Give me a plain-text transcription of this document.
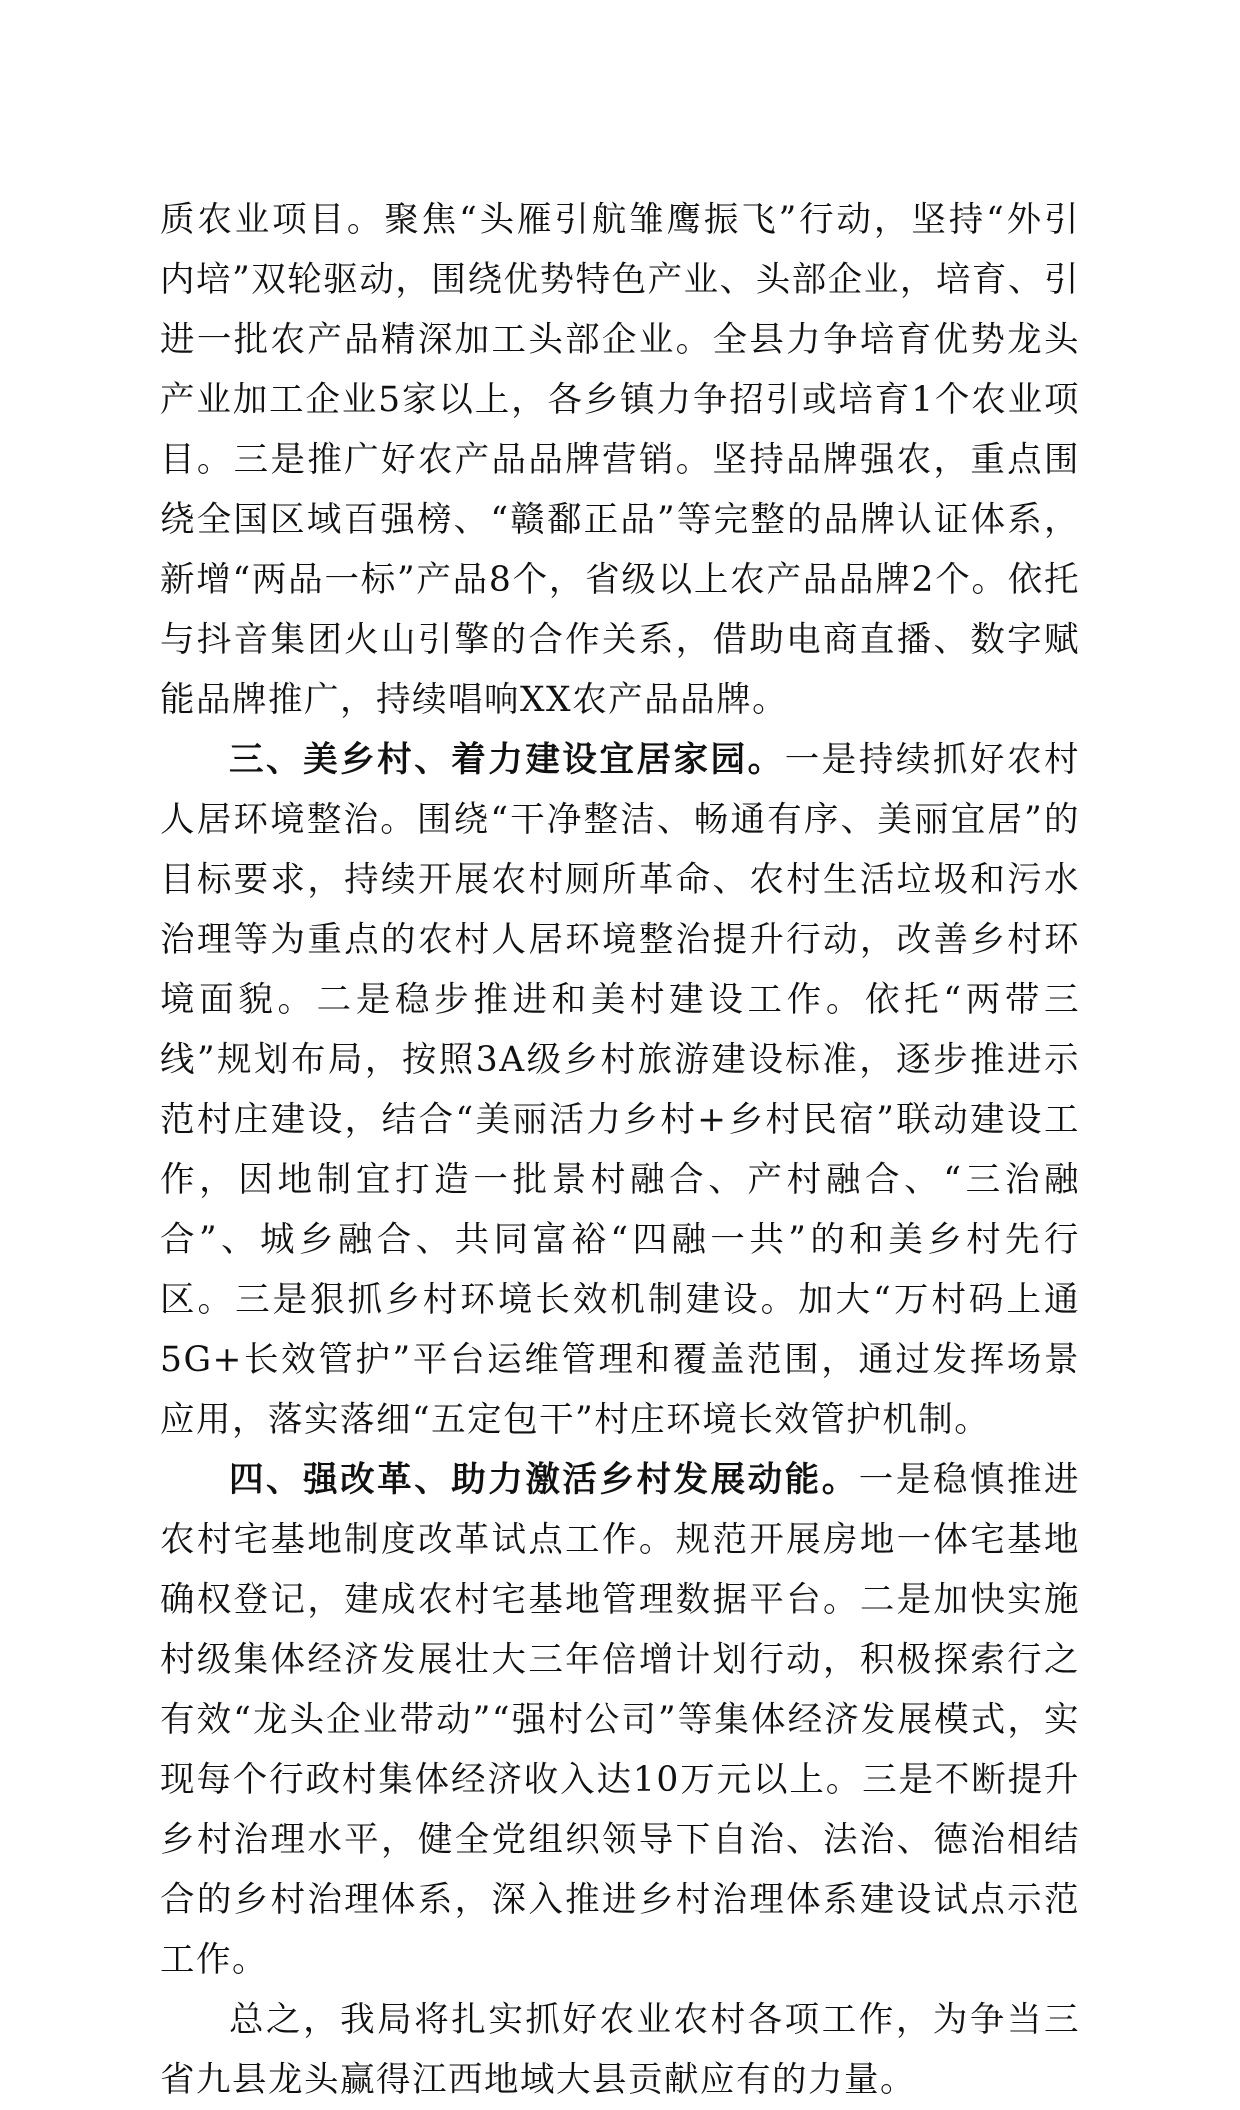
质农业项目。聚焦“头雁引航雏鹰振飞”行动，坚持“外引内培”双轮驱动，围绕优势特色产业、头部企业，培育、引进一批农产品精深加工头部企业。全县力争培育优势龙头产业加工企业5家以上，各乡镇力争招引或培育1个农业项目。三是推广好农产品品牌营销。坚持品牌强农，重点围绕全国区域百强榜、“赣鄱正品”等完整的品牌认证体系，新增“两品一标”产品8个，省级以上农产品品牌2个。依托与抖音集团火山引擎的合作关系，借助电商直播、数字赋能品牌推广，持续唱响XX农产品品牌。

三、美乡村、着力建设宜居家园。一是持续抓好农村人居环境整治。围绕“干净整洁、畅通有序、美丽宜居”的目标要求，持续开展农村厕所革命、农村生活垃圾和污水治理等为重点的农村人居环境整治提升行动，改善乡村环境面貌。二是稳步推进和美村建设工作。依托“两带三线”规划布局，按照3A级乡村旅游建设标准，逐步推进示范村庄建设，结合“美丽活力乡村+乡村民宿”联动建设工作，因地制宜打造一批景村融合、产村融合、“三治融合”、城乡融合、共同富裕“四融一共”的和美乡村先行区。三是狠抓乡村环境长效机制建设。加大“万村码上通5G+长效管护”平台运维管理和覆盖范围，通过发挥场景应用，落实落细“五定包干”村庄环境长效管护机制。

四、强改革、助力激活乡村发展动能。一是稳慎推进农村宅基地制度改革试点工作。规范开展房地一体宅基地确权登记，建成农村宅基地管理数据平台。二是加快实施村级集体经济发展壮大三年倍增计划行动，积极探索行之有效“龙头企业带动”“强村公司”等集体经济发展模式，实现每个行政村集体经济收入达10万元以上。三是不断提升乡村治理水平，健全党组织领导下自治、法治、德治相结合的乡村治理体系，深入推进乡村治理体系建设试点示范工作。

总之，我局将扎实抓好农业农村各项工作，为争当三省九县龙头赢得江西地域大县贡献应有的力量。
